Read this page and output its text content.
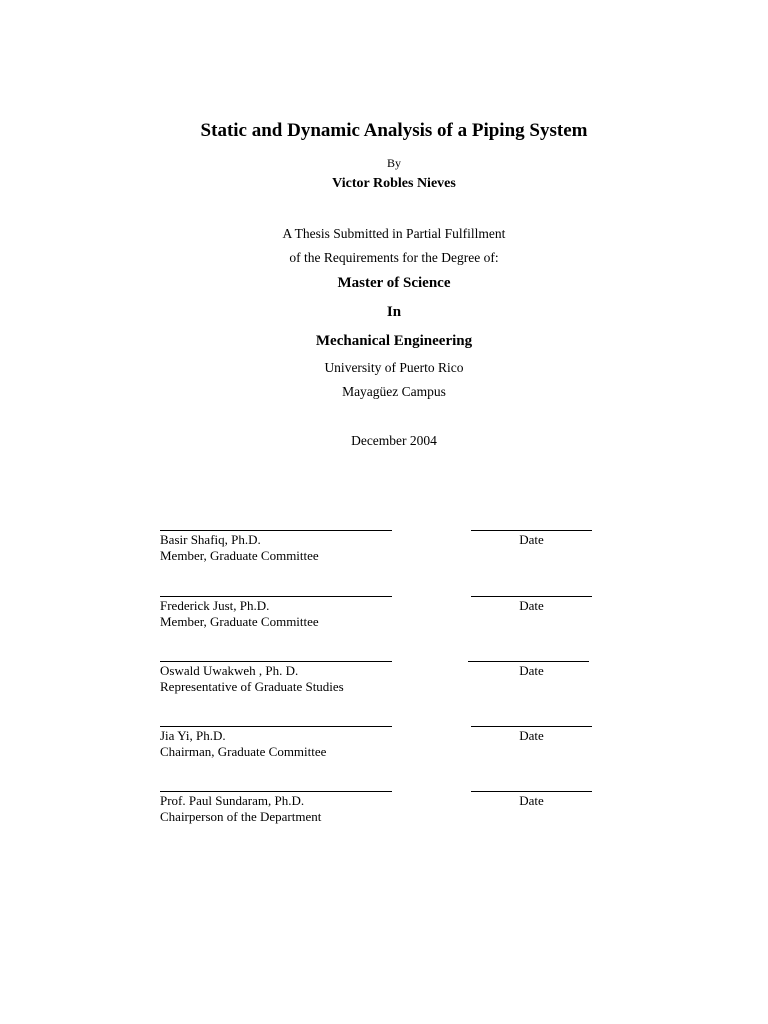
Static and Dynamic Analysis of a Piping System
By
Victor Robles Nieves
A Thesis Submitted in Partial Fulfillment
of the Requirements for the Degree of:
Master of Science
In
Mechanical Engineering
University of Puerto Rico
Mayagüez Campus
December 2004
Basir Shafiq, Ph.D.	Date
Member, Graduate Committee
Frederick Just, Ph.D.	Date
Member, Graduate Committee
Oswald Uwakweh , Ph. D.	Date
Representative of Graduate Studies
Jia Yi, Ph.D.	Date
Chairman, Graduate Committee
Prof. Paul Sundaram, Ph.D.	Date
Chairperson of the Department
